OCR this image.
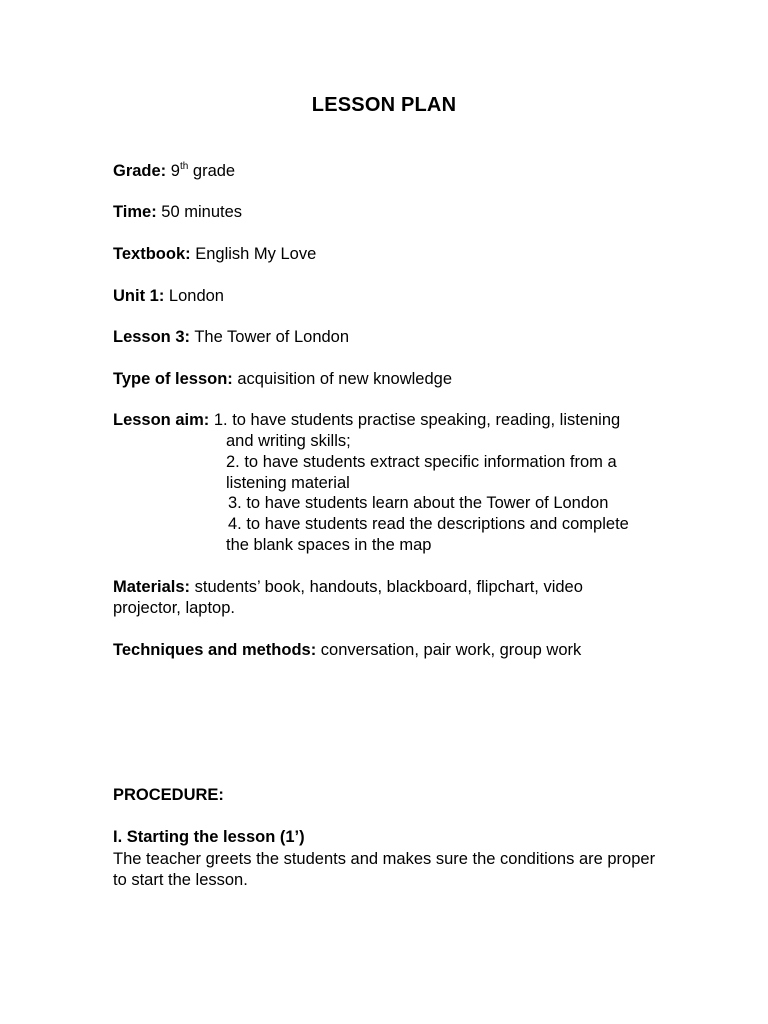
LESSON PLAN
Grade: 9th grade
Time: 50 minutes
Textbook: English My Love
Unit 1: London
Lesson 3: The Tower of London
Type of lesson: acquisition of new knowledge
Lesson aim: 1. to have students practise speaking, reading, listening
and writing skills;
2. to have students extract specific information from a
listening material
3. to have students learn about the Tower of London
4. to have students read the descriptions and complete
the blank spaces in the map
Materials: students’ book, handouts, blackboard, flipchart, video projector, laptop.
Techniques and methods: conversation, pair work, group work
PROCEDURE:
I. Starting the lesson (1’)
The teacher greets the students and makes sure the conditions are proper to start the lesson.
